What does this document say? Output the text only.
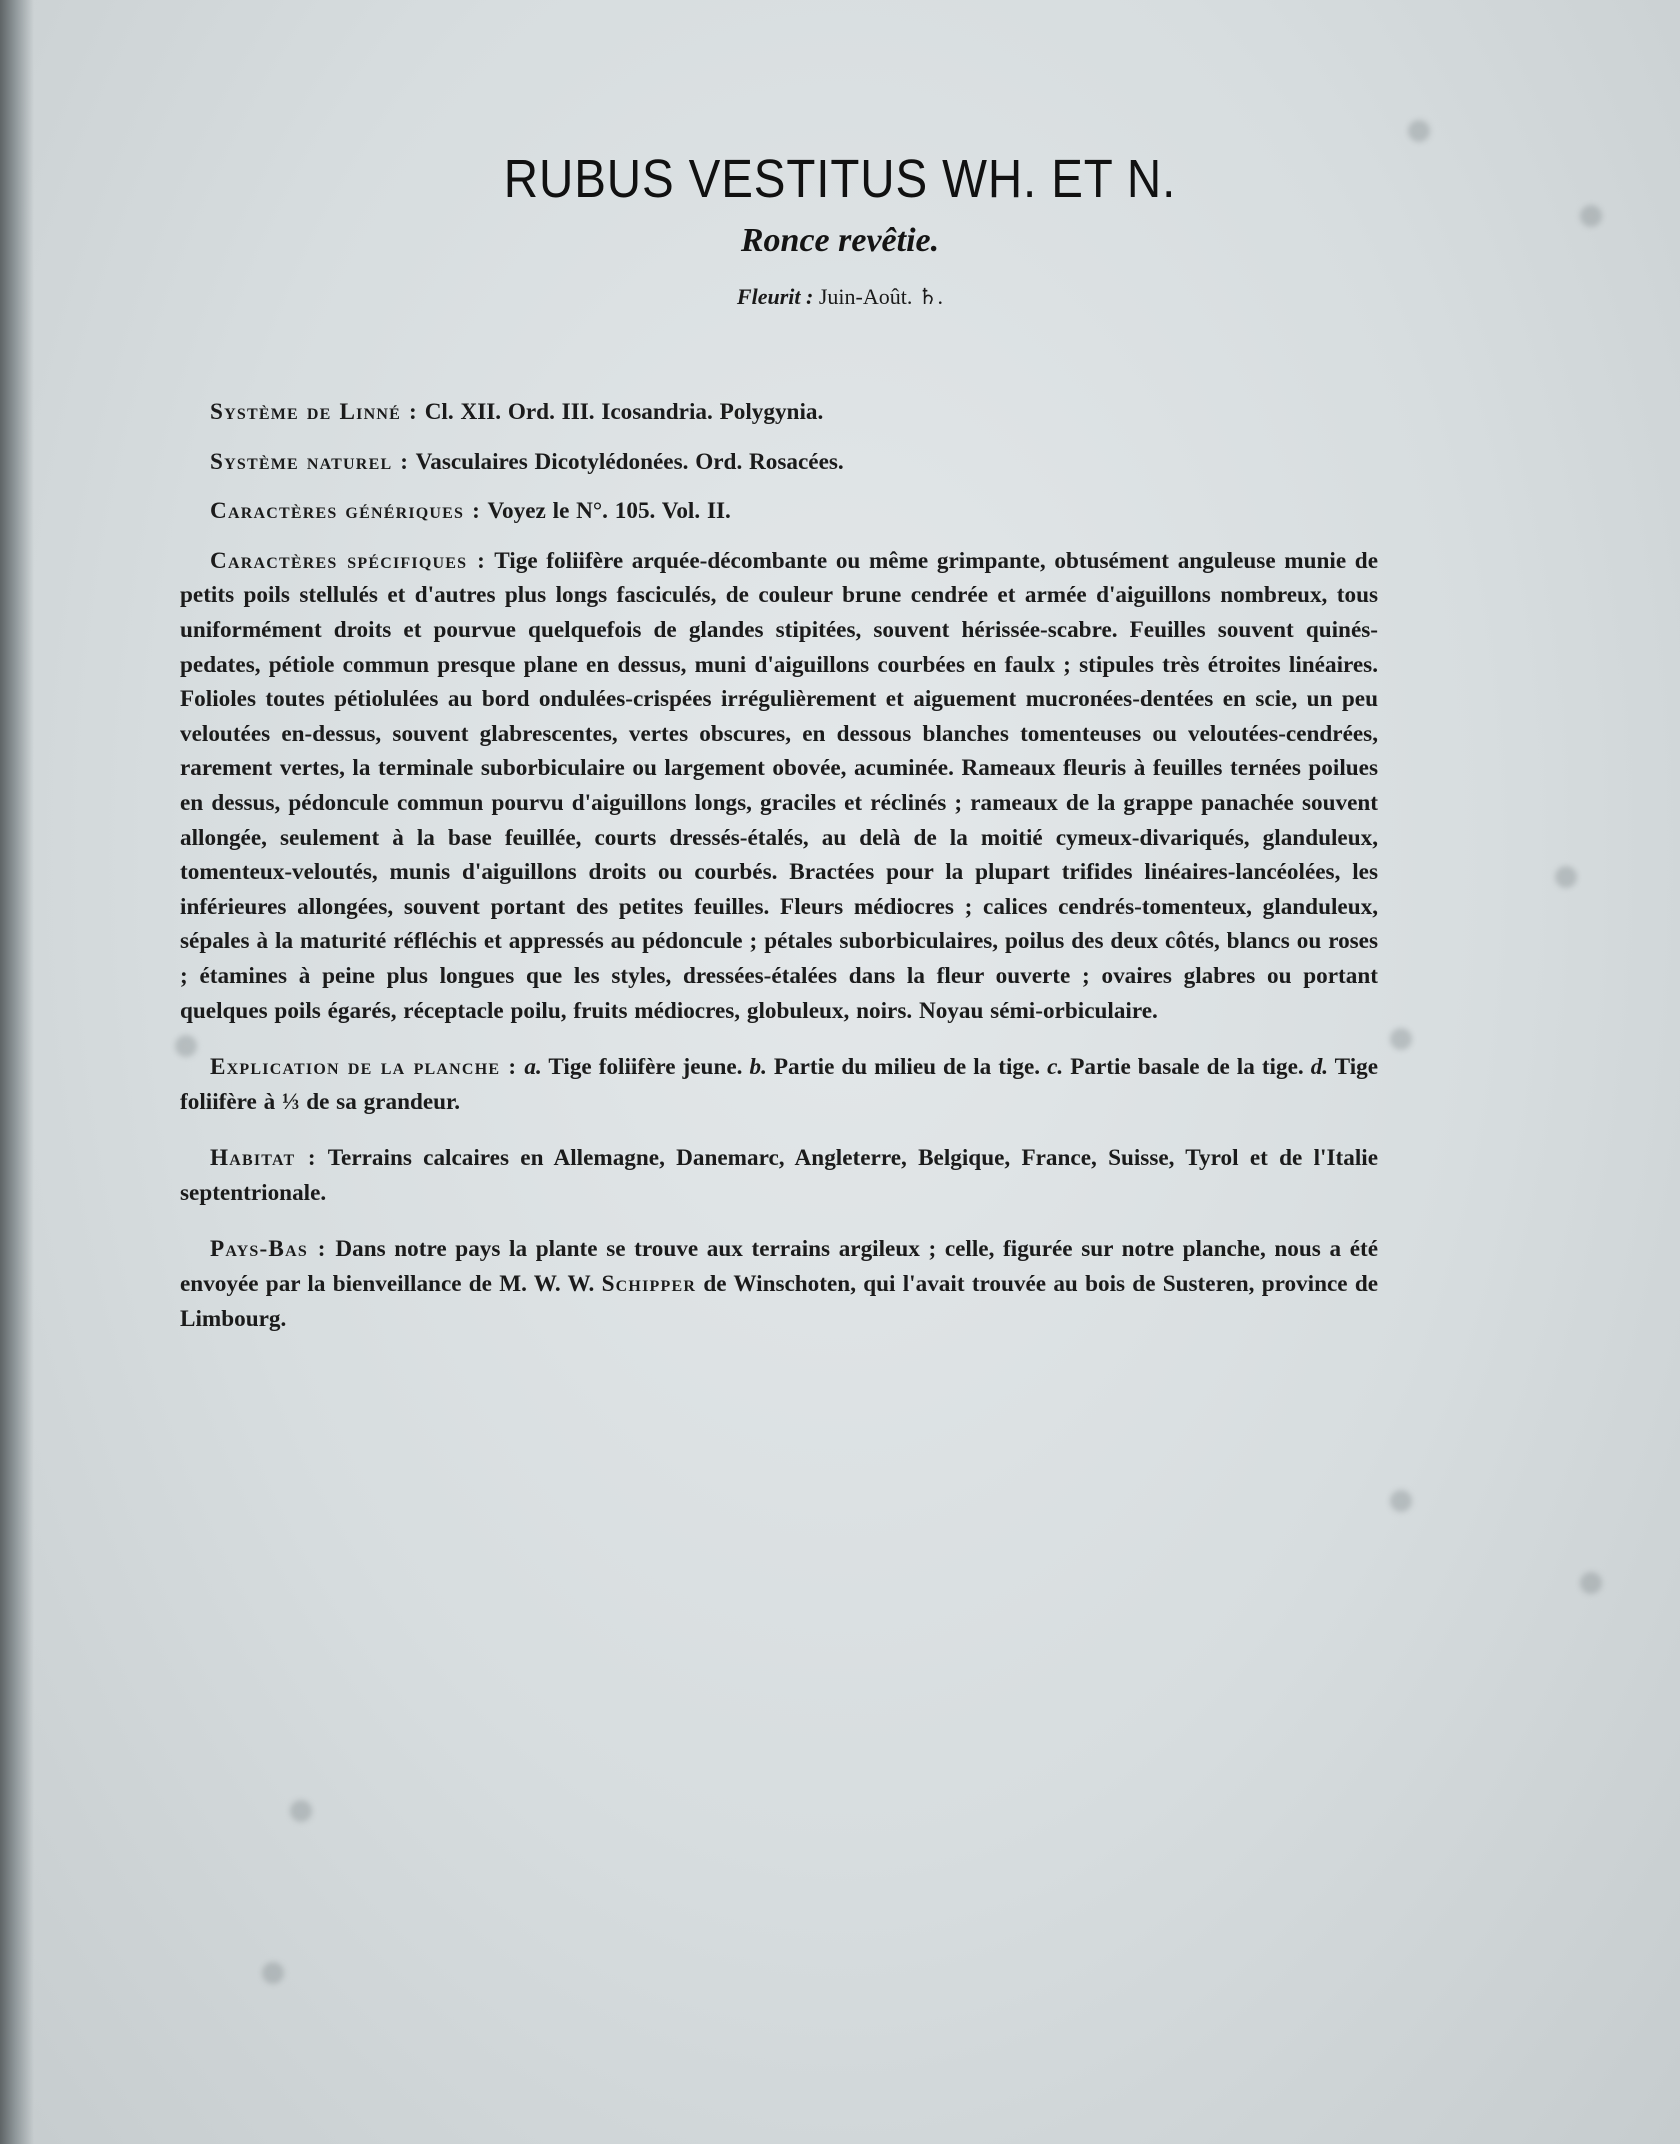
RUBUS VESTITUS WH. ET N.
Ronce revêtie.
Fleurit : Juin-Août. ♄.

Système de Linné : Cl. XII. Ord. III. Icosandria. Polygynia.

Système naturel : Vasculaires Dicotylédonées. Ord. Rosacées.

Caractères génériques : Voyez le N°. 105. Vol. II.

Caractères spécifiques : Tige foliifère arquée-décombante ou même grimpante, obtusément anguleuse munie de petits poils stellulés et d'autres plus longs fasciculés, de couleur brune cendrée et armée d'aiguillons nombreux, tous uniformément droits et pourvue quelquefois de glandes stipitées, souvent hérissée-scabre. Feuilles souvent quinés-pedates, pétiole commun presque plane en dessus, muni d'aiguillons courbées en faulx ; stipules très étroites linéaires. Folioles toutes pétiolulées au bord ondulées-crispées irrégulièrement et aiguement mucronées-dentées en scie, un peu veloutées en-dessus, souvent glabrescentes, vertes obscures, en dessous blanches tomenteuses ou veloutées-cendrées, rarement vertes, la terminale suborbiculaire ou largement obovée, acuminée. Rameaux fleuris à feuilles ternées poilues en dessus, pédoncule commun pourvu d'aiguillons longs, graciles et réclinés ; rameaux de la grappe panachée souvent allongée, seulement à la base feuillée, courts dressés-étalés, au delà de la moitié cymeux-divariqués, glanduleux, tomenteux-veloutés, munis d'aiguillons droits ou courbés. Bractées pour la plupart trifides linéaires-lancéolées, les inférieures allongées, souvent portant des petites feuilles. Fleurs médiocres ; calices cendrés-tomenteux, glanduleux, sépales à la maturité réfléchis et appressés au pédoncule ; pétales suborbiculaires, poilus des deux côtés, blancs ou roses ; étamines à peine plus longues que les styles, dressées-étalées dans la fleur ouverte ; ovaires glabres ou portant quelques poils égarés, réceptacle poilu, fruits médiocres, globuleux, noirs. Noyau sémi-orbiculaire.

Explication de la planche : a. Tige foliifère jeune. b. Partie du milieu de la tige. c. Partie basale de la tige. d. Tige foliifère à ⅓ de sa grandeur.

Habitat : Terrains calcaires en Allemagne, Danemarc, Angleterre, Belgique, France, Suisse, Tyrol et de l'Italie septentrionale.

Pays-Bas : Dans notre pays la plante se trouve aux terrains argileux ; celle, figurée sur notre planche, nous a été envoyée par la bienveillance de M. W. W. Schipper de Winschoten, qui l'avait trouvée au bois de Susteren, province de Limbourg.
